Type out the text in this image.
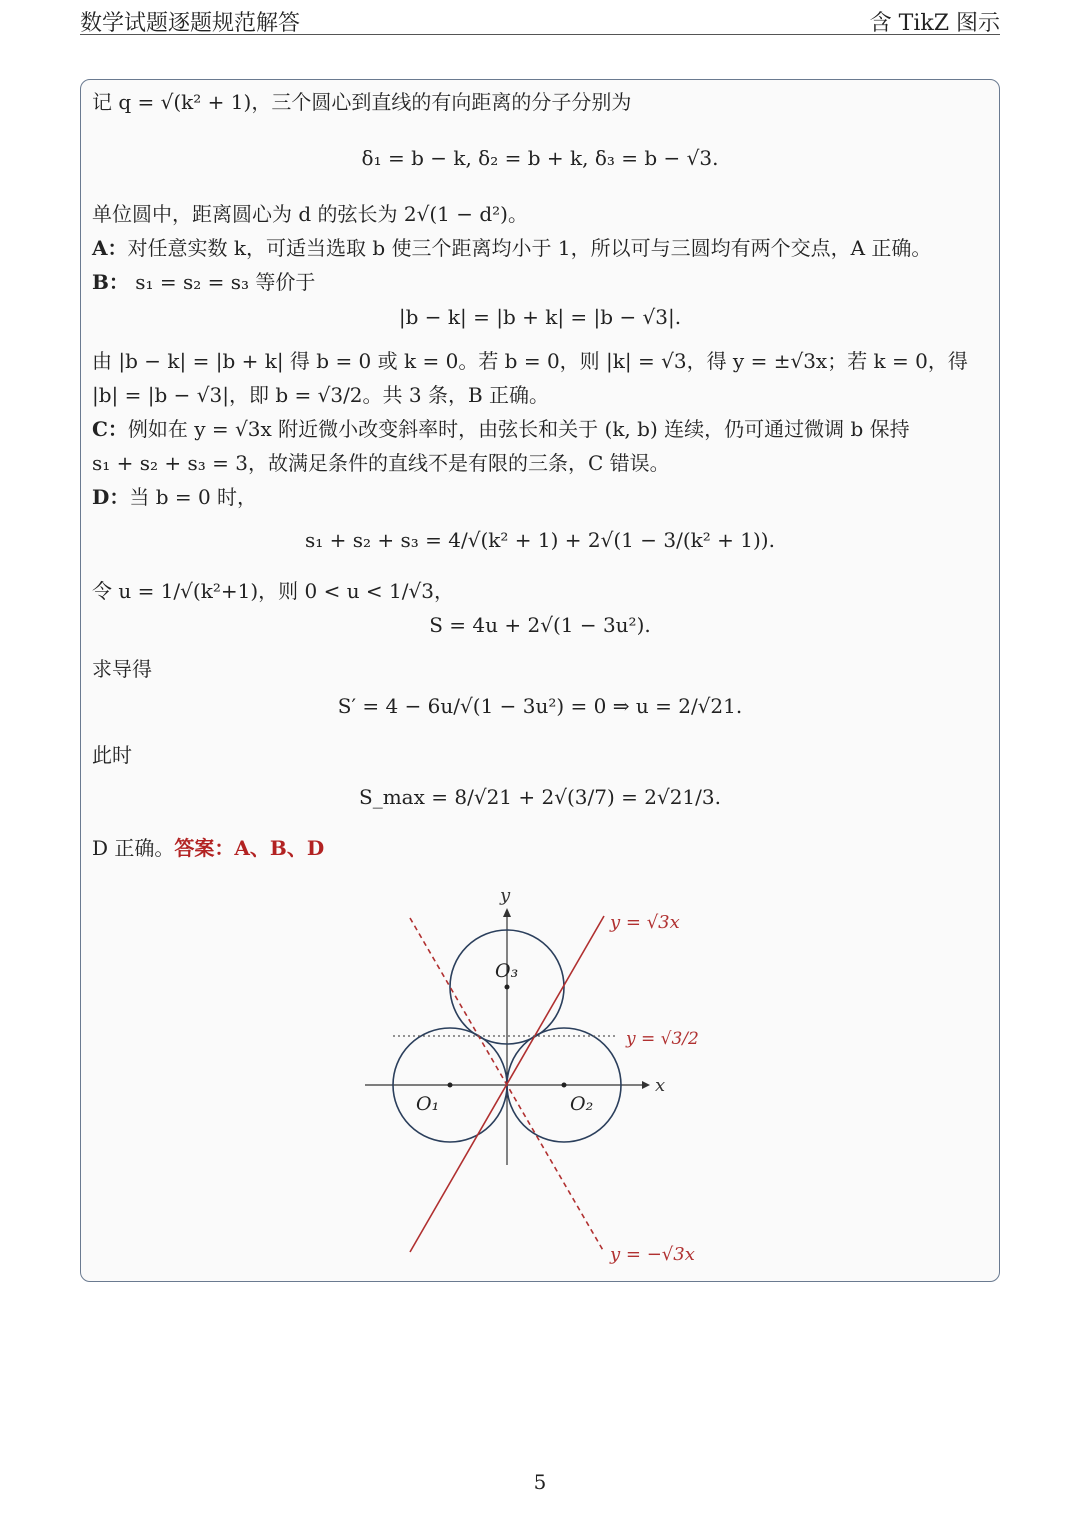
数学试题逐题规范解答	含 TikZ 图示
记 q = √(k² + 1)，三个圆心到直线的有向距离的分子分别为
δ₁ = b − k, δ₂ = b + k, δ₃ = b − √3.
单位圆中，距离圆心为 d 的弦长为 2√(1 − d²)。
A：对任意实数 k，可适当选取 b 使三个距离均小于 1，所以可与三圆均有两个交点，A 正确。
B： s₁ = s₂ = s₃ 等价于
|b − k| = |b + k| = |b − √3|.
由 |b − k| = |b + k| 得 b = 0 或 k = 0。若 b = 0，则 |k| = √3，得 y = ±√3x；若 k = 0，得
|b| = |b − √3|，即 b = √3/2。共 3 条，B 正确。
C：例如在 y = √3x 附近微小改变斜率时，由弦长和关于 (k, b) 连续，仍可通过微调 b 保持
s₁ + s₂ + s₃ = 3，故满足条件的直线不是有限的三条，C 错误。
D：当 b = 0 时，
s₁ + s₂ + s₃ = 4/√(k² + 1) + 2√(1 − 3/(k² + 1)).
令 u = 1/√(k²+1)，则 0 < u < 1/√3，
S = 4u + 2√(1 − 3u²).
求导得
S′ = 4 − 6u/√(1 − 3u²) = 0 ⇒ u = 2/√21.
此时
S_max = 8/√21 + 2√(3/7) = 2√21/3.
D 正确。答案：A、B、D
x
y
O₁	O₂
O₃
y = √3x
y = −√3x
y = √3/2
5
